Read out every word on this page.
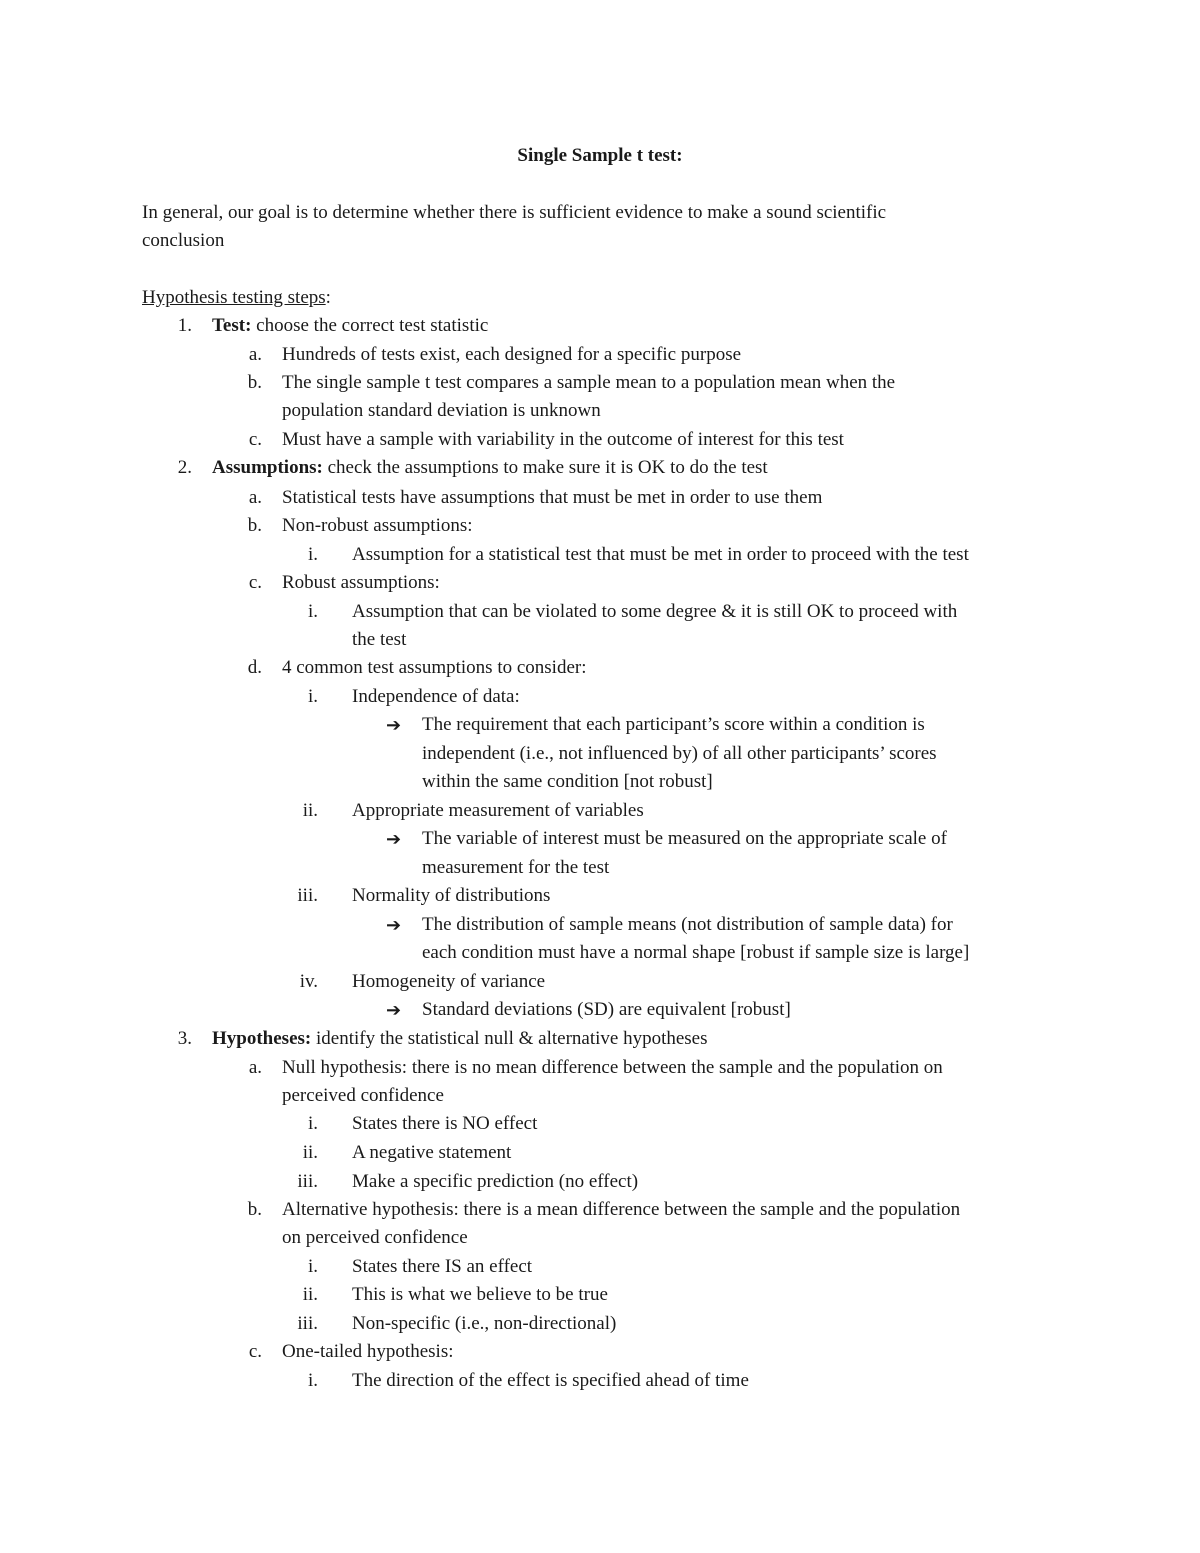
Single Sample t test:
In general, our goal is to determine whether there is sufficient evidence to make a sound scientific
conclusion
Hypothesis testing steps:
1. Test: choose the correct test statistic
a. Hundreds of tests exist, each designed for a specific purpose
b. The single sample t test compares a sample mean to a population mean when the
population standard deviation is unknown
c. Must have a sample with variability in the outcome of interest for this test
2. Assumptions: check the assumptions to make sure it is OK to do the test
a. Statistical tests have assumptions that must be met in order to use them
b. Non-robust assumptions:
i. Assumption for a statistical test that must be met in order to proceed with the test
c. Robust assumptions:
i. Assumption that can be violated to some degree & it is still OK to proceed with
the test
d. 4 common test assumptions to consider:
i. Independence of data:
➔ The requirement that each participant’s score within a condition is
independent (i.e., not influenced by) of all other participants’ scores
within the same condition [not robust]
ii. Appropriate measurement of variables
➔ The variable of interest must be measured on the appropriate scale of
measurement for the test
iii. Normality of distributions
➔ The distribution of sample means (not distribution of sample data) for
each condition must have a normal shape [robust if sample size is large]
iv. Homogeneity of variance
➔ Standard deviations (SD) are equivalent [robust]
3. Hypotheses: identify the statistical null & alternative hypotheses
a. Null hypothesis: there is no mean difference between the sample and the population on
perceived confidence
i. States there is NO effect
ii. A negative statement
iii. Make a specific prediction (no effect)
b. Alternative hypothesis: there is a mean difference between the sample and the population
on perceived confidence
i. States there IS an effect
ii. This is what we believe to be true
iii. Non-specific (i.e., non-directional)
c. One-tailed hypothesis:
i. The direction of the effect is specified ahead of time
